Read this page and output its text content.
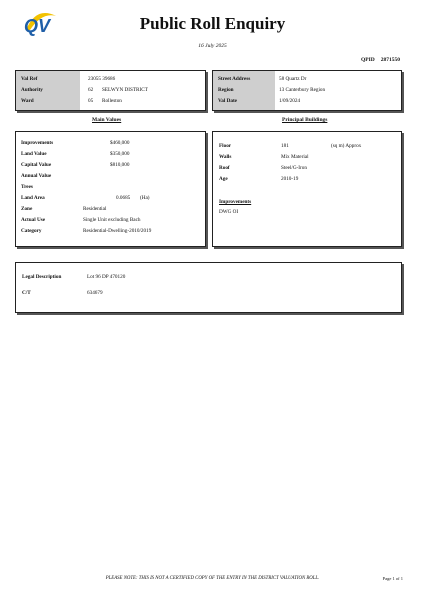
QV	Public Roll Enquiry
16 July 2025
QPID 2871550
Val Ref	23055 39686
Authority	62 SELWYN DISTRICT
Ward	05 Rolleston
Street Address	58 Quartz Dr
Region	13 Canterbury Region
Val Date	1/09/2024
Main Values	Principal Buildings
Improvements	$460,000
Land Value	$350,000
Capital Value	$810,000
Annual Value
Trees
Land Area	0.0685 (Ha)
Zone	Residential
Actual Use	Single Unit excluding Bach
Category	Residential-Dwelling-2010/2019
Floor	181	(sq m) Approx
Walls	Mix Material
Roof	Steel/G-Iron
Age	2010-19
Improvements
DWG OI
Legal Description	Lot 96 DP 470120
C/T	634679
PLEASE NOTE: THIS IS NOT A CERTIFIED COPY OF THE ENTRY IN THE DISTRICT VALUATION ROLL.	Page 1 of 1
